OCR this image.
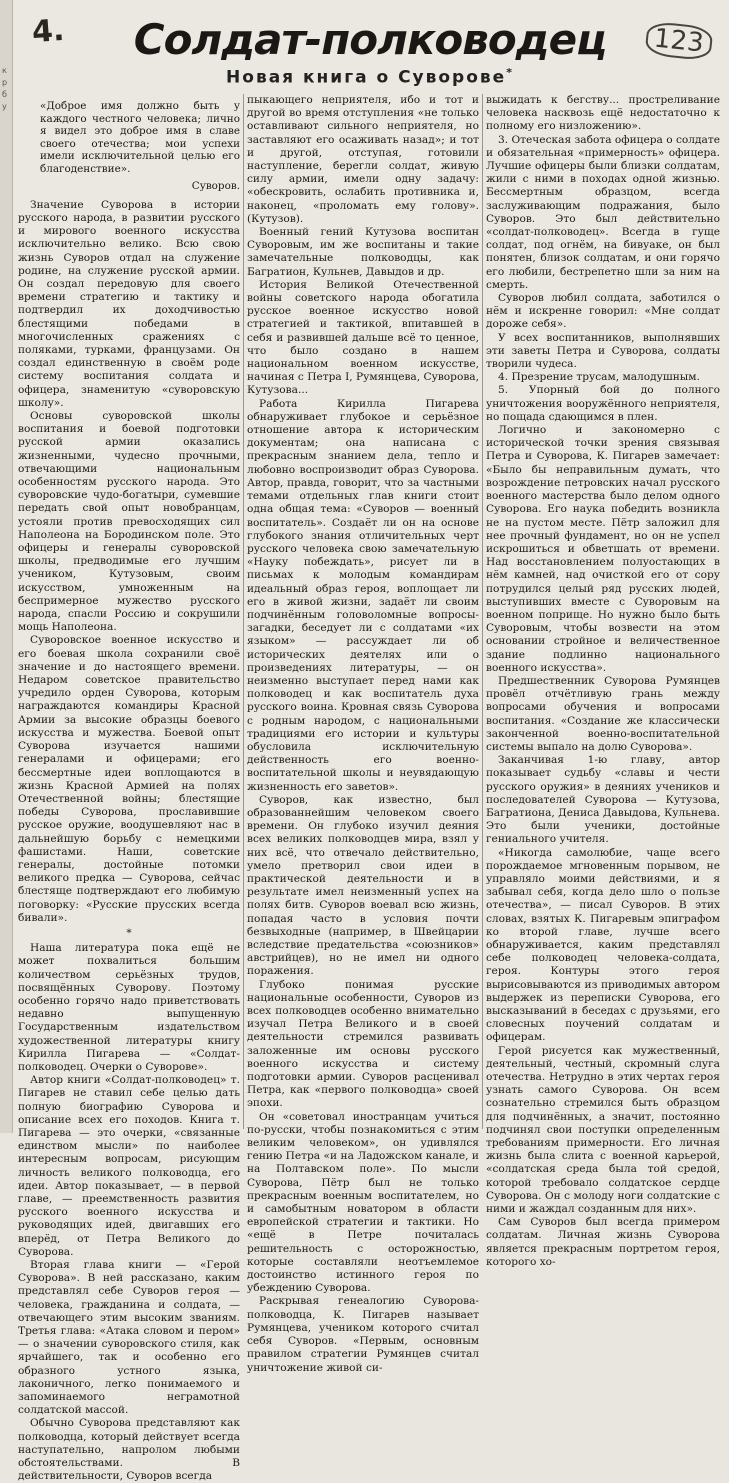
к
р
б
у
4.	123
Солдат-полководец
Новая книга о Суворове*

«Доброе имя должно быть у каждого честного человека; лично я видел это доброе имя в славе своего отечества; мои успехи имели исключительной целью его благоденствие».

Суворов.

Значение Суворова в истории русского народа, в развитии русского и мирового военного искусства исключительно велико. Всю свою жизнь Суворов отдал на служение родине, на служение русской армии. Он создал передовую для своего времени стратегию и тактику и подтвердил их доходчивостью блестящими победами в многочисленных сражениях с поляками, турками, французами. Он создал единственную в своём роде систему воспитания солдата и офицера, знаменитую «суворовскую школу».

Основы суворовской школы воспитания и боевой подготовки русской армии оказались жизненными, чудесно прочными, отвечающими национальным особенностям русского народа. Это суворовские чудо-богатыри, сумевшие передать свой опыт новобранцам, устояли против превосходящих сил Наполеона на Бородинском поле. Это офицеры и генералы суворовской школы, предводимые его лучшим учеником, Кутузовым, своим искусством, умноженным на беспримерное мужество русского народа, спасли Россию и сокрушили мощь Наполеона.

Суворовское военное искусство и его боевая школа сохранили своё значение и до настоящего времени. Недаром советское правительство учредило орден Суворова, которым награждаются командиры Красной Армии за высокие образцы боевого искусства и мужества. Боевой опыт Суворова изучается нашими генералами и офицерами; его бессмертные идеи воплощаются в жизнь Красной Армией на полях Отечественной войны; блестящие победы Суворова, прославившие русское оружие, воодушевляют нас в дальнейшую борьбу с немецкими фашистами. Наши, советские генералы, достойные потомки великого предка — Суворова, сейчас блестяще подтверждают его любимую поговорку: «Русские прусских всегда бивали».

*

Наша литература пока ещё не может похвалиться большим количеством серьёзных трудов, посвящённых Суворову. Поэтому особенно горячо надо приветствовать недавно выпущенную Государственным издательством художественной литературы книгу Кирилла Пигарева — «Солдат-полководец. Очерки о Суворове».

Автор книги «Солдат-полководец» т. Пигарев не ставил себе целью дать полную биографию Суворова и описание всех его походов. Книга т. Пигарева — это очерки, «связанные единством мысли» по наиболее интересным вопросам, рисующим личность великого полководца, его идеи. Автор показывает, — в первой главе, — преемственность развития русского военного искусства и руководящих идей, двигавших его вперёд, от Петра Великого до Суворова.

Вторая глава книги — «Герой Суворова». В ней рассказано, каким представлял себе Суворов героя — человека, гражданина и солдата, — отвечающего этим высоким званиям. Третья глава: «Атака словом и пером» — о значении суворовского стиля, как ярчайшего, так и особенно его образного устного языка, лаконичного, легко понимаемого и запоминаемого неграмотной солдатской массой.

Обычно Суворова представляют как полководца, который действует всегда наступательно, напролом любыми обстоятельствами. В действительности, Суворов всегда

пыкающего неприятеля, ибо и тот и другой во время отступления «не только оставливают сильного неприятеля, но заставляют его осаживать назад»; и тот и другой, отступая, готовили наступление, берегли солдат, живую силу армии, имели одну задачу: «обескровить, ослабить противника и, наконец, «проломать ему голову». (Кутузов).

Военный гений Кутузова воспитан Суворовым, им же воспитаны и такие замечательные полководцы, как Багратион, Кульнев, Давыдов и др.

История Великой Отечественной войны советского народа обогатила русское военное искусство новой стратегией и тактикой, впитавшей в себя и развившей дальше всё то ценное, что было создано в нашем национальном военном искусстве, начиная с Петра I, Румянцева, Суворова, Кутузова...

Работа Кирилла Пигарева обнаруживает глубокое и серьёзное отношение автора к историческим документам; она написана с прекрасным знанием дела, тепло и любовно воспроизводит образ Суворова. Автор, правда, говорит, что за частными темами отдельных глав книги стоит одна общая тема: «Суворов — военный воспитатель». Создаёт ли он на основе глубокого знания отличительных черт русского человека свою замечательную «Науку побеждать», рисует ли в письмах к молодым командирам идеальный образ героя, воплощает ли его в живой жизни, задаёт ли своим подчинённым головоломные вопросы-загадки, беседует ли с солдатами «их языком» — рассуждает ли об исторических деятелях или о произведениях литературы, — он неизменно выступает перед нами как полководец и как воспитатель духа русского воина. Кровная связь Суворова с родным народом, с национальными традициями его истории и культуры обусловила исключительную действенность его военно-воспитательной школы и неувядающую жизненность его заветов».

Суворов, как известно, был образованнейшим человеком своего времени. Он глубоко изучил деяния всех великих полководцев мира, взял у них всё, что отвечало действительно, умело претворил свои идеи в практической деятельности и в результате имел неизменный успех на полях битв. Суворов воевал всю жизнь, попадая часто в условия почти безвыходные (например, в Швейцарии вследствие предательства «союзников» австрийцев), но не имел ни одного поражения.

Глубоко понимая русские национальные особенности, Суворов из всех полководцев особенно внимательно изучал Петра Великого и в своей деятельности стремился развивать заложенные им основы русского военного искусства и систему подготовки армии. Суворов расценивал Петра, как «первого полководца» своей эпохи.

Он «советовал иностранцам учиться по-русски, чтобы познакомиться с этим великим человеком», он удивлялся гению Петра «и на Ладожском канале, и на Полтавском поле». По мысли Суворова, Пётр был не только прекрасным военным воспитателем, но и самобытным новатором в области европейской стратегии и тактики. Но «ещё в Петре почиталась решительность с осторожностью, которые составляли неотъемлемое достоинство истинного героя по убеждению Суворова.

Раскрывая генеалогию Суворова-полководца, К. Пигарев называет Румянцева, учеником которого считал себя Суворов. «Первым, основным правилом стратегии Румянцев считал уничтожение живой си-

выжидать к бегству... простреливание человека насквозь ещё недостаточно к полному его низложению».

3. Отеческая забота офицера о солдате и обязательная «примерность» офицера. Лучшие офицеры были близки солдатам, жили с ними в походах одной жизнью. Бессмертным образцом, всегда заслуживающим подражания, было Суворов. Это был действительно «солдат-полководец». Всегда в гуще солдат, под огнём, на бивуаке, он был понятен, близок солдатам, и они горячо его любили, бестрепетно шли за ним на смерть.

Суворов любил солдата, заботился о нём и искренне говорил: «Мне солдат дороже себя».

У всех воспитанников, выполнявших эти заветы Петра и Суворова, солдаты творили чудеса.

4. Презрение трусам, малодушным.

5. Упорный бой до полного уничтожения вооружённого неприятеля, но пощада сдающимся в плен.

Логично и закономерно с исторической точки зрения связывая Петра и Суворова, К. Пигарев замечает: «Было бы неправильным думать, что возрождение петровских начал русского военного мастерства было делом одного Суворова. Его наука победить возникла не на пустом месте. Пётр заложил для нее прочный фундамент, но он не успел искрошиться и обветшать от времени. Над восстановлением полуостающих в нём камней, над очисткой его от сору потрудился целый ряд русских людей, выступивших вместе с Суворовым на военном поприще. Но нужно было быть Суворовым, чтобы возвести на этом основании стройное и величественное здание подлинно национального военного искусства».

Предшественник Суворова Румянцев провёл отчётливую грань между вопросами обучения и вопросами воспитания. «Создание же классически законченной военно-воспитательной системы выпало на долю Суворова».

Заканчивая 1-ю главу, автор показывает судьбу «славы и чести русского оружия» в деяниях учеников и последователей Суворова — Кутузова, Багратиона, Дениса Давыдова, Кульнева. Это были ученики, достойные гениального учителя.

«Никогда самолюбие, чаще всего порождаемое мгновенным порывом, не управляло моими действиями, и я забывал себя, когда дело шло о пользе отечества», — писал Суворов. В этих словах, взятых К. Пигаревым эпиграфом ко второй главе, лучше всего обнаруживается, каким представлял себе полководец человека-солдата, героя. Контуры этого героя вырисовываются из приводимых автором выдержек из переписки Суворова, его высказываний в беседах с друзьями, его словесных поучений солдатам и офицерам.

Герой рисуется как мужественный, деятельный, честный, скромный слуга отечества. Нетрудно в этих чертах героя узнать самого Суворова. Он всем сознательно стремился быть образцом для подчинённых, а значит, постоянно подчинял свои поступки определенным требованиям примерности. Его личная жизнь была слита с военной карьерой, «солдатская среда была той средой, которой требовало солдатское сердце Суворова. Он с молоду ноги солдатские с ними и жаждал созданным для них».

Сам Суворов был всегда примером солдатам. Личная жизнь Суворова является прекрасным портретом героя, которого хо-
